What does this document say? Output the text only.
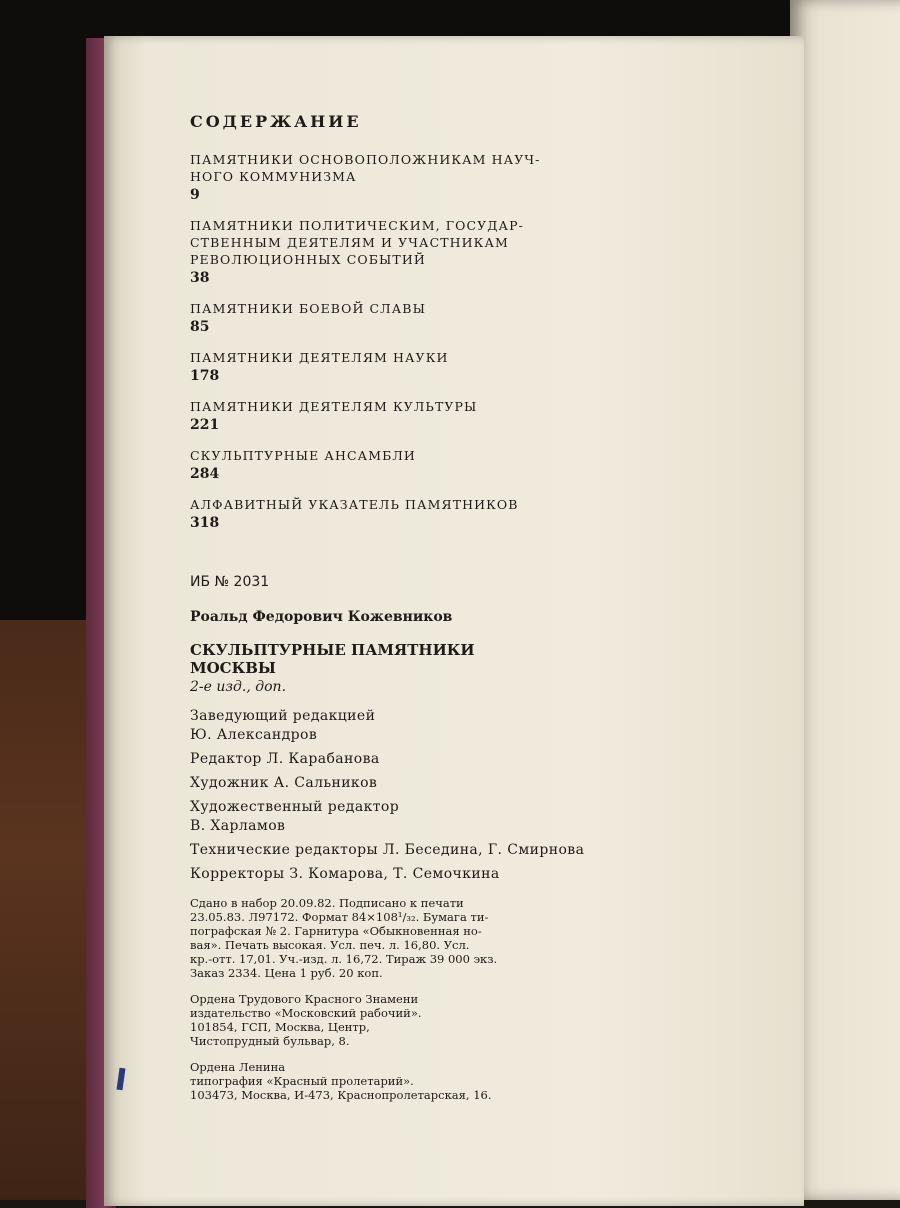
СОДЕРЖАНИЕ
ПАМЯТНИКИ ОСНОВОПОЛОЖНИКАМ НАУЧ-
НОГО КОММУНИЗМА
9
ПАМЯТНИКИ ПОЛИТИЧЕСКИМ, ГОСУДАР-
СТВЕННЫМ ДЕЯТЕЛЯМ И УЧАСТНИКАМ
РЕВОЛЮЦИОННЫХ СОБЫТИЙ
38
ПАМЯТНИКИ БОЕВОЙ СЛАВЫ
85
ПАМЯТНИКИ ДЕЯТЕЛЯМ НАУКИ
178
ПАМЯТНИКИ ДЕЯТЕЛЯМ КУЛЬТУРЫ
221
СКУЛЬПТУРНЫЕ АНСАМБЛИ
284
АЛФАВИТНЫЙ УКАЗАТЕЛЬ ПАМЯТНИКОВ
318
ИБ № 2031
Роальд Федорович Кожевников
СКУЛЬПТУРНЫЕ ПАМЯТНИКИ
МОСКВЫ
2-е изд., доп.
Заведующий редакцией
Ю. Александров
Редактор Л. Карабанова
Художник А. Сальников
Художественный редактор
В. Харламов
Технические редакторы Л. Беседина, Г. Смирнова
Корректоры З. Комарова, Т. Семочкина
Сдано в набор 20.09.82. Подписано к печати
23.05.83. Л97172. Формат 84×108¹/₃₂. Бумага ти-
пографская № 2. Гарнитура «Обыкновенная но-
вая». Печать высокая. Усл. печ. л. 16,80. Усл.
кр.-отт. 17,01. Уч.-изд. л. 16,72. Тираж 39 000 экз.
Заказ 2334. Цена 1 руб. 20 коп.
Ордена Трудового Красного Знамени
издательство «Московский рабочий».
101854, ГСП, Москва, Центр,
Чистопрудный бульвар, 8.
Ордена Ленина
типография «Красный пролетарий».
103473, Москва, И-473, Краснопролетарская, 16.
